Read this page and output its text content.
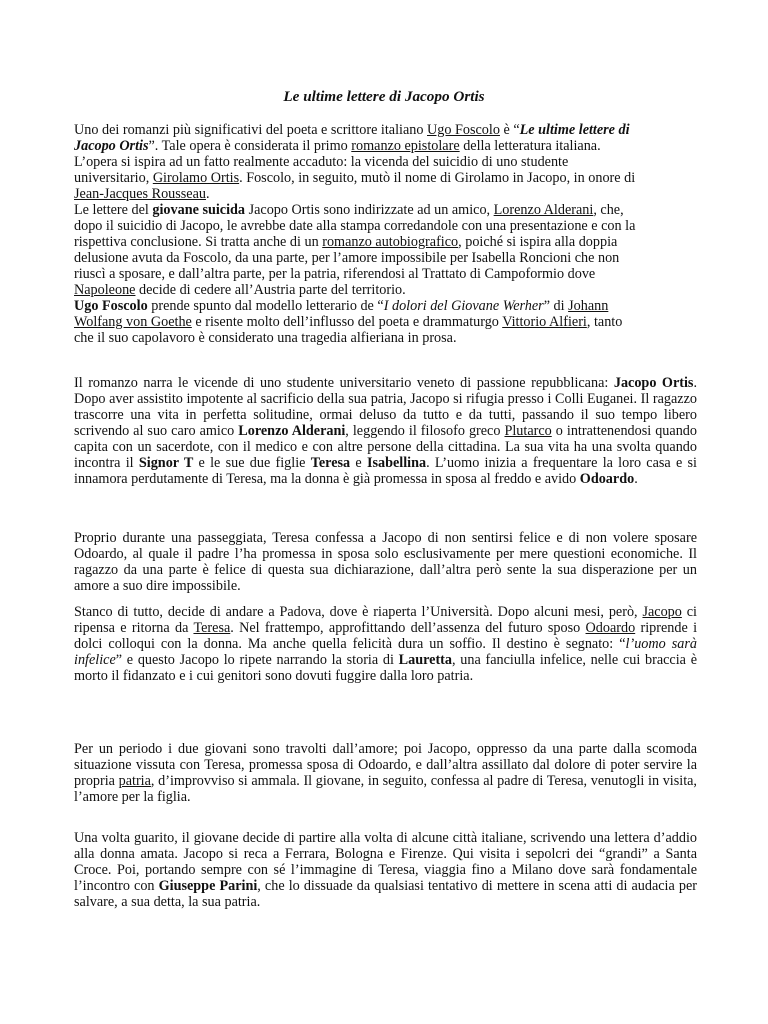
Le ultime lettere di Jacopo Ortis
Uno dei romanzi più significativi del poeta e scrittore italiano Ugo Foscolo è “Le ultime lettere di
Jacopo Ortis”. Tale opera è considerata il primo romanzo epistolare della letteratura italiana.
L’opera si ispira ad un fatto realmente accaduto: la vicenda del suicidio di uno studente
universitario, Girolamo Ortis. Foscolo, in seguito, mutò il nome di Girolamo in Jacopo, in onore di
Jean-Jacques Rousseau.
Le lettere del giovane suicida Jacopo Ortis sono indirizzate ad un amico, Lorenzo Alderani, che,
dopo il suicidio di Jacopo, le avrebbe date alla stampa corredandole con una presentazione e con la
rispettiva conclusione. Si tratta anche di un romanzo autobiografico, poiché si ispira alla doppia
delusione avuta da Foscolo, da una parte, per l’amore impossibile per Isabella Roncioni che non
riuscì a sposare, e dall’altra parte, per la patria, riferendosi al Trattato di Campoformio dove
Napoleone decide di cedere all’Austria parte del territorio.
Ugo Foscolo prende spunto dal modello letterario de “I dolori del Giovane Werher” di Johann
Wolfang von Goethe e risente molto dell’influsso del poeta e drammaturgo Vittorio Alfieri, tanto
che il suo capolavoro è considerato una tragedia alfieriana in prosa.

Il romanzo narra le vicende di uno studente universitario veneto di passione repubblicana: Jacopo Ortis. Dopo aver assistito impotente al sacrificio della sua patria, Jacopo si rifugia presso i Colli Euganei. Il ragazzo trascorre una vita in perfetta solitudine, ormai deluso da tutto e da tutti, passando il suo tempo libero scrivendo al suo caro amico Lorenzo Alderani, leggendo il filosofo greco Plutarco o intrattenendosi quando capita con un sacerdote, con il medico e con altre persone della cittadina. La sua vita ha una svolta quando incontra il Signor T e le sue due figlie Teresa e Isabellina. L’uomo inizia a frequentare la loro casa e si innamora perdutamente di Teresa, ma la donna è già promessa in sposa al freddo e avido Odoardo.

Proprio durante una passeggiata, Teresa confessa a Jacopo di non sentirsi felice e di non volere sposare Odoardo, al quale il padre l’ha promessa in sposa solo esclusivamente per mere questioni economiche. Il ragazzo da una parte è felice di questa sua dichiarazione, dall’altra però sente la sua disperazione per un amore a suo dire impossibile.

Stanco di tutto, decide di andare a Padova, dove è riaperta l’Università. Dopo alcuni mesi, però, Jacopo ci ripensa e ritorna da Teresa. Nel frattempo, approfittando dell’assenza del futuro sposo Odoardo riprende i dolci colloqui con la donna. Ma anche quella felicità dura un soffio. Il destino è segnato: “l’uomo sarà infelice” e questo Jacopo lo ripete narrando la storia di Lauretta, una fanciulla infelice, nelle cui braccia è morto il fidanzato e i cui genitori sono dovuti fuggire dalla loro patria.

Per un periodo i due giovani sono travolti dall’amore; poi Jacopo, oppresso da una parte dalla scomoda situazione vissuta con Teresa, promessa sposa di Odoardo, e dall’altra assillato dal dolore di poter servire la propria patria, d’improvviso si ammala. Il giovane, in seguito, confessa al padre di Teresa, venutogli in visita, l’amore per la figlia.

Una volta guarito, il giovane decide di partire alla volta di alcune città italiane, scrivendo una lettera d’addio alla donna amata. Jacopo si reca a Ferrara, Bologna e Firenze. Qui visita i sepolcri dei “grandi” a Santa Croce. Poi, portando sempre con sé l’immagine di Teresa, viaggia fino a Milano dove sarà fondamentale l’incontro con Giuseppe Parini, che lo dissuade da qualsiasi tentativo di mettere in scena atti di audacia per salvare, a sua detta, la sua patria.
